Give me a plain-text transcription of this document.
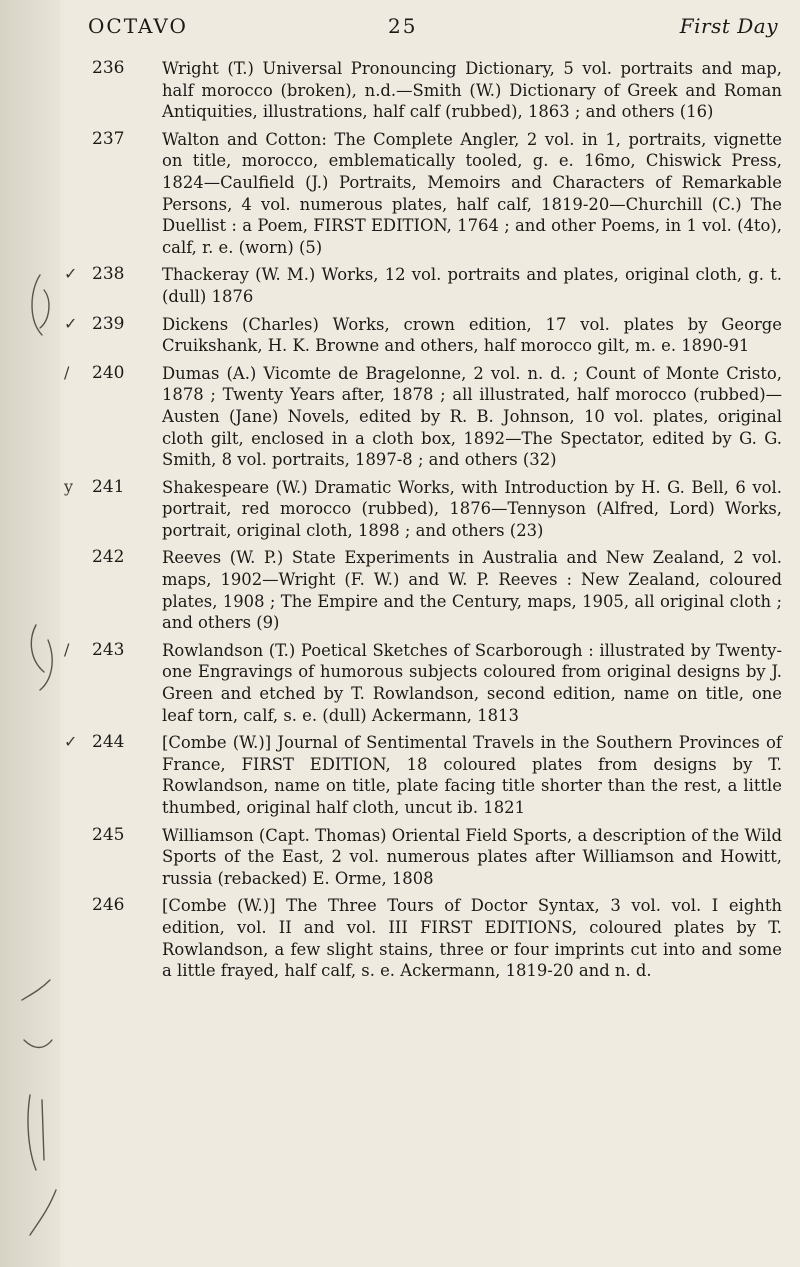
OCTAVO	25	First Day
236	Wright (T.) Universal Pronouncing Dictionary, 5 vol. portraits and map, half morocco (broken), n.d.—Smith (W.) Dictionary of Greek and Roman Antiquities, illustrations, half calf (rubbed), 1863 ; and others (16)
237	Walton and Cotton: The Complete Angler, 2 vol. in 1, portraits, vignette on title, morocco, emblematically tooled, g. e. 16mo, Chiswick Press, 1824—Caulfield (J.) Portraits, Memoirs and Characters of Remarkable Persons, 4 vol. numerous plates, half calf, 1819-20—Churchill (C.) The Duellist : a Poem, FIRST EDITION, 1764 ; and other Poems, in 1 vol. (4to), calf, r. e. (worn) (5)
✓ 238	Thackeray (W. M.) Works, 12 vol. portraits and plates, original cloth, g. t. (dull) 1876
✓ 239	Dickens (Charles) Works, crown edition, 17 vol. plates by George Cruikshank, H. K. Browne and others, half morocco gilt, m. e. 1890-91
/ 240	Dumas (A.) Vicomte de Bragelonne, 2 vol. n. d. ; Count of Monte Cristo, 1878 ; Twenty Years after, 1878 ; all illustrated, half morocco (rubbed)—Austen (Jane) Novels, edited by R. B. Johnson, 10 vol. plates, original cloth gilt, enclosed in a cloth box, 1892—The Spectator, edited by G. G. Smith, 8 vol. portraits, 1897-8 ; and others (32)
y 241	Shakespeare (W.) Dramatic Works, with Introduction by H. G. Bell, 6 vol. portrait, red morocco (rubbed), 1876—Tennyson (Alfred, Lord) Works, portrait, original cloth, 1898 ; and others (23)
242	Reeves (W. P.) State Experiments in Australia and New Zealand, 2 vol. maps, 1902—Wright (F. W.) and W. P. Reeves : New Zealand, coloured plates, 1908 ; The Empire and the Century, maps, 1905, all original cloth ; and others (9)
/ 243	Rowlandson (T.) Poetical Sketches of Scarborough : illustrated by Twenty-one Engravings of humorous subjects coloured from original designs by J. Green and etched by T. Rowlandson, second edition, name on title, one leaf torn, calf, s. e. (dull) Ackermann, 1813
✓ 244	[Combe (W.)] Journal of Sentimental Travels in the Southern Provinces of France, FIRST EDITION, 18 coloured plates from designs by T. Rowlandson, name on title, plate facing title shorter than the rest, a little thumbed, original half cloth, uncut ib. 1821
245	Williamson (Capt. Thomas) Oriental Field Sports, a description of the Wild Sports of the East, 2 vol. numerous plates after Williamson and Howitt, russia (rebacked) E. Orme, 1808
246	[Combe (W.)] The Three Tours of Doctor Syntax, 3 vol. vol. I eighth edition, vol. II and vol. III FIRST EDITIONS, coloured plates by T. Rowlandson, a few slight stains, three or four imprints cut into and some a little frayed, half calf, s. e. Ackermann, 1819-20 and n. d.
